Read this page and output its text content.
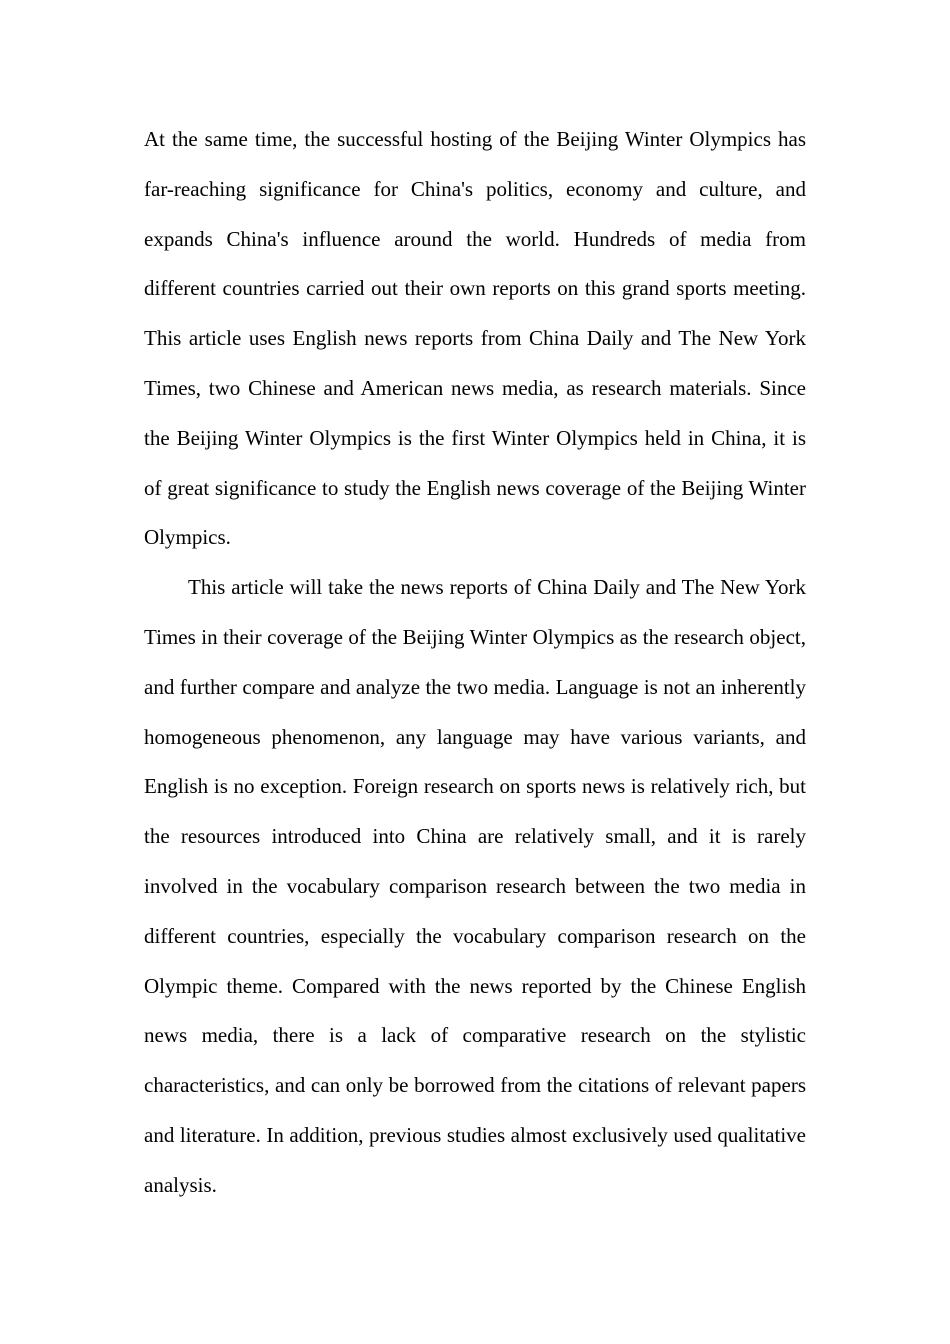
At the same time, the successful hosting of the Beijing Winter Olympics has far-reaching significance for China's politics, economy and culture, and expands China's influence around the world. Hundreds of media from different countries carried out their own reports on this grand sports meeting. This article uses English news reports from China Daily and The New York Times, two Chinese and American news media, as research materials. Since the Beijing Winter Olympics is the first Winter Olympics held in China, it is of great significance to study the English news coverage of the Beijing Winter Olympics.

This article will take the news reports of China Daily and The New York Times in their coverage of the Beijing Winter Olympics as the research object, and further compare and analyze the two media. Language is not an inherently homogeneous phenomenon, any language may have various variants, and English is no exception. Foreign research on sports news is relatively rich, but the resources introduced into China are relatively small, and it is rarely involved in the vocabulary comparison research between the two media in different countries, especially the vocabulary comparison research on the Olympic theme. Compared with the news reported by the Chinese English news media, there is a lack of comparative research on the stylistic characteristics, and can only be borrowed from the citations of relevant papers and literature. In addition, previous studies almost exclusively used qualitative analysis.
